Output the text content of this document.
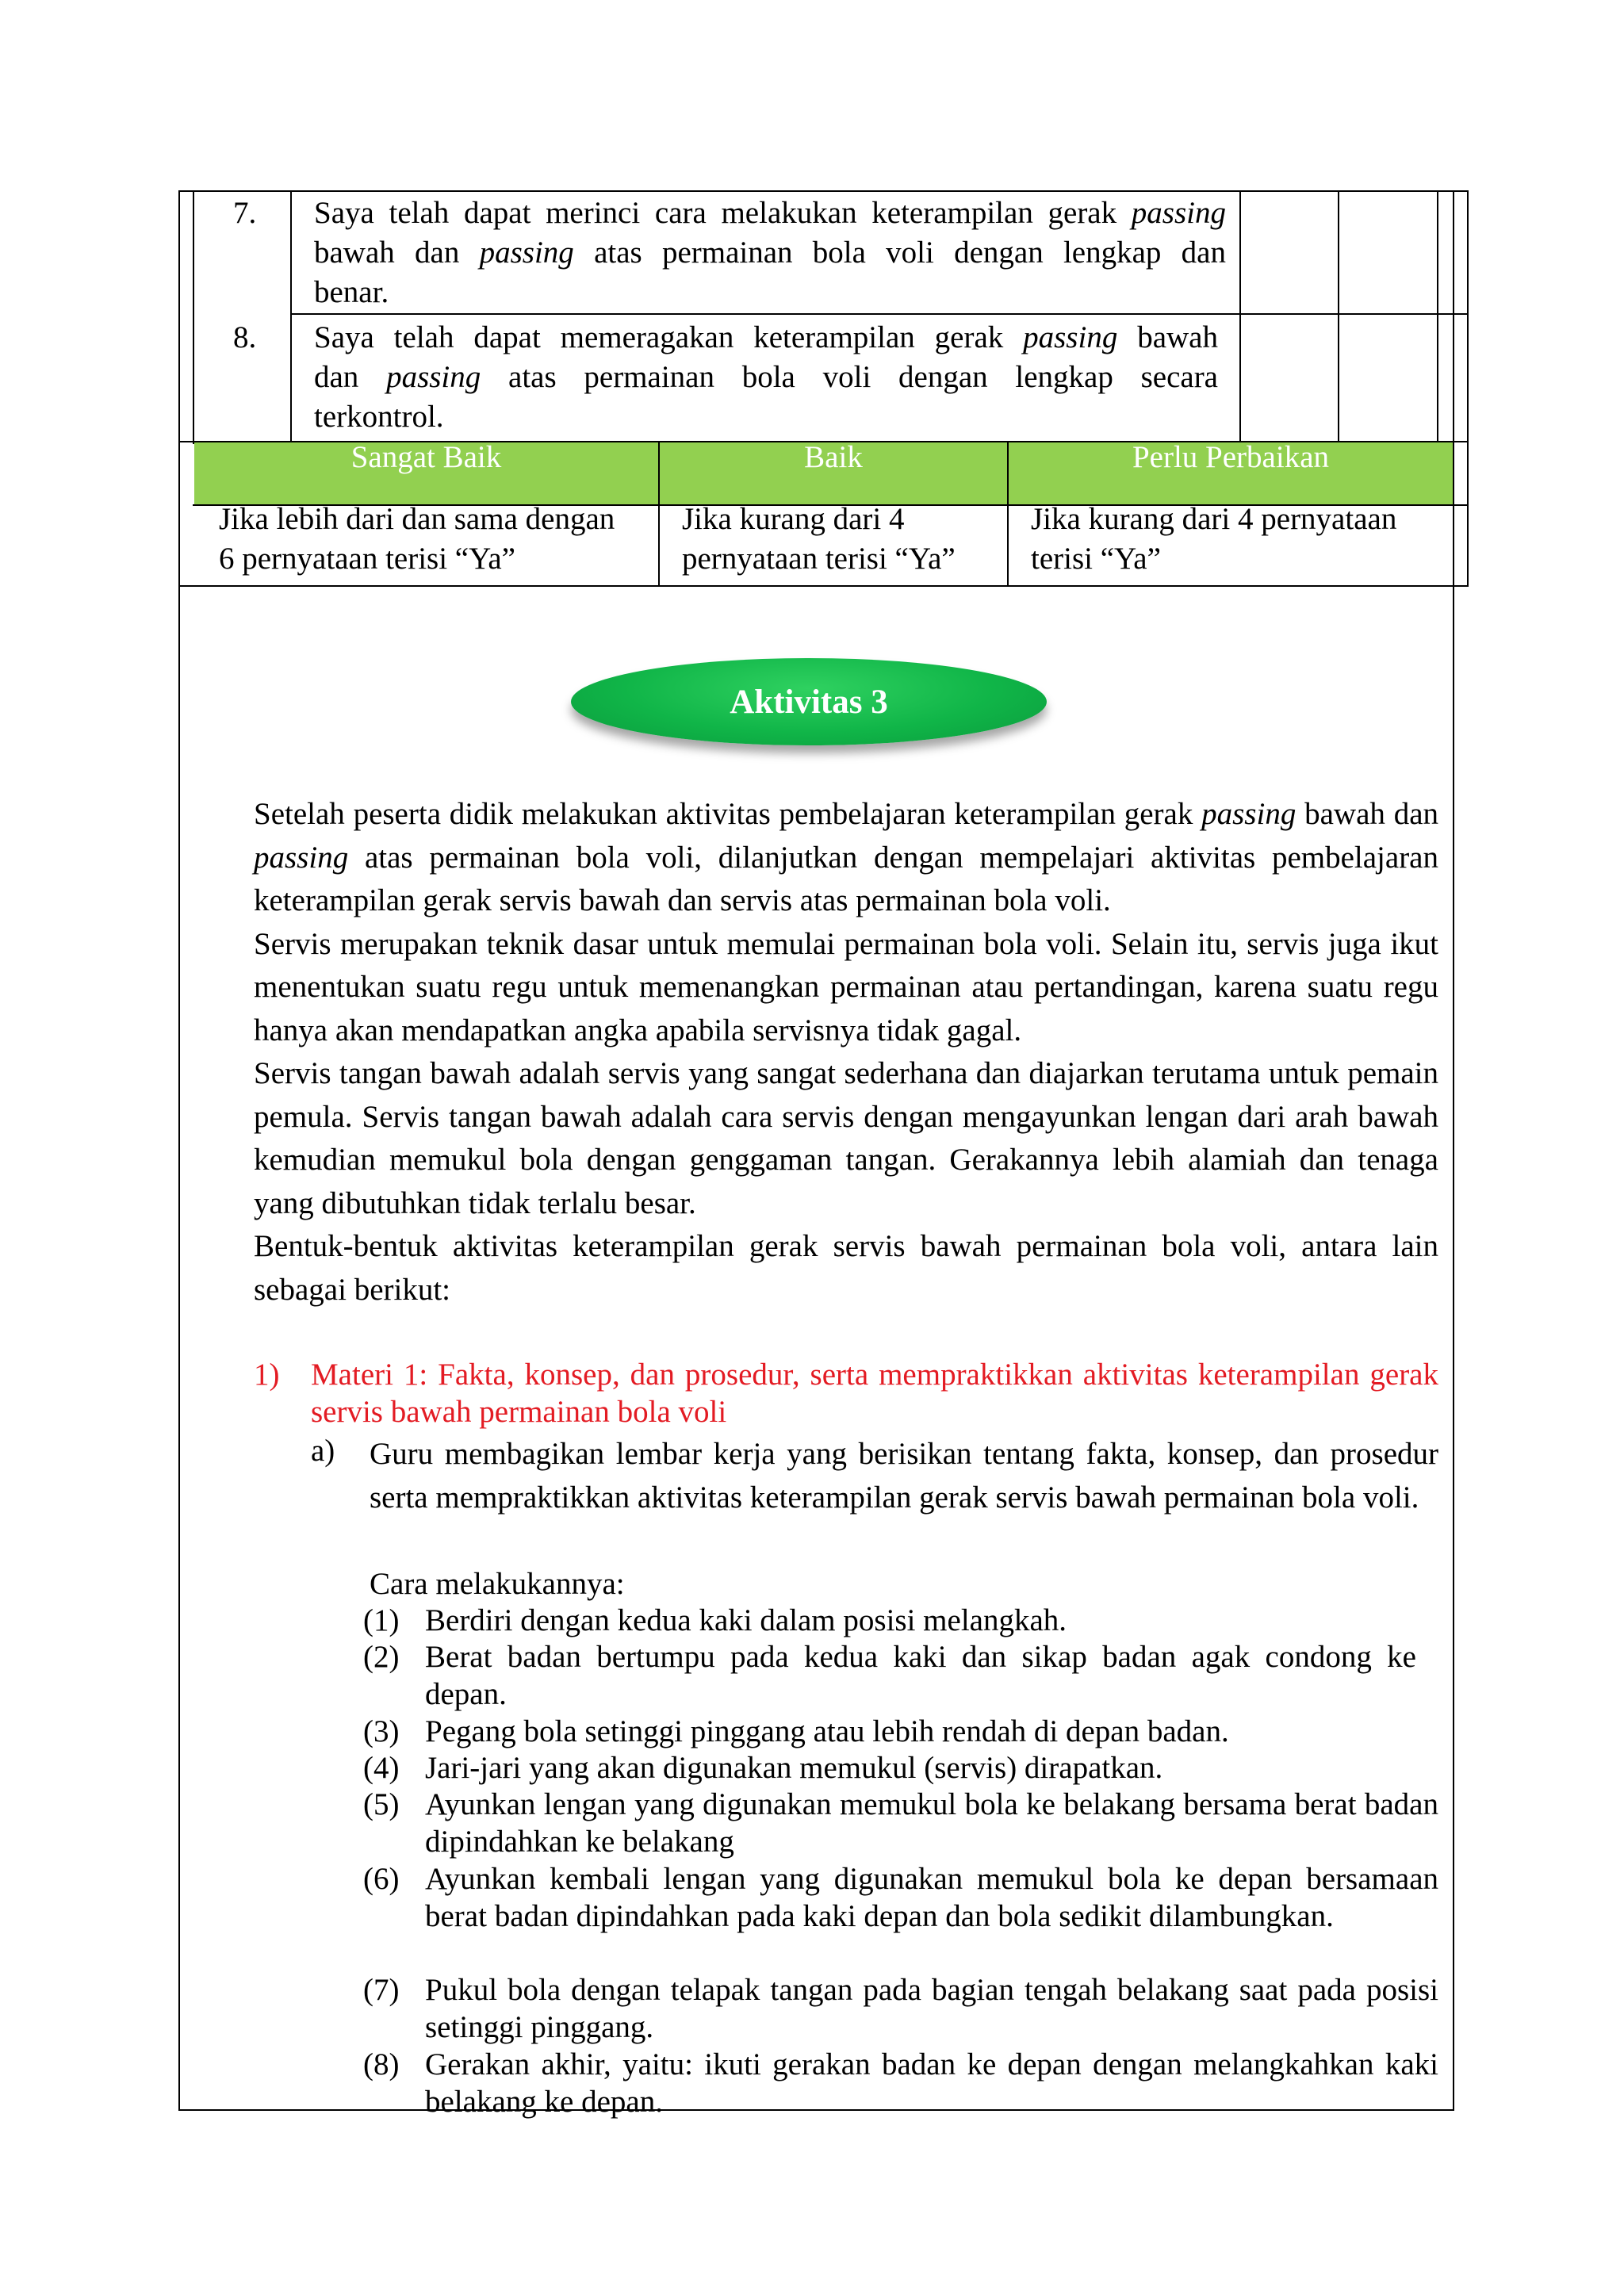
7. Saya telah dapat merinci cara melakukan keterampilan gerak passing
bawah dan passing atas permainan bola voli dengan lengkap dan
benar.
8. Saya telah dapat memeragakan keterampilan gerak passing bawah
dan passing atas permainan bola voli dengan lengkap secara
terkontrol.
Sangat Baik	Baik	Perlu Perbaikan
Jika lebih dari dan sama dengan
6 pernyataan terisi “Ya”
Jika kurang dari 4
pernyataan terisi “Ya”
Jika kurang dari 4 pernyataan
terisi “Ya”
Aktivitas 3
Setelah peserta didik melakukan aktivitas pembelajaran keterampilan gerak passing bawah dan passing atas permainan bola voli, dilanjutkan dengan mempelajari aktivitas pembelajaran keterampilan gerak servis bawah dan servis atas permainan bola voli.
Servis merupakan teknik dasar untuk memulai permainan bola voli. Selain itu, servis juga ikut menentukan suatu regu untuk memenangkan permainan atau pertandingan, karena suatu regu hanya akan mendapatkan angka apabila servisnya tidak gagal.
Servis tangan bawah adalah servis yang sangat sederhana dan diajarkan terutama untuk pemain pemula. Servis tangan bawah adalah cara servis dengan mengayunkan lengan dari arah bawah kemudian memukul bola dengan genggaman tangan. Gerakannya lebih alamiah dan tenaga yang dibutuhkan tidak terlalu besar.
Bentuk-bentuk aktivitas keterampilan gerak servis bawah permainan bola voli, antara lain sebagai berikut:
1) Materi 1: Fakta, konsep, dan prosedur, serta mempraktikkan aktivitas keterampilan gerak servis bawah permainan bola voli
a) Guru membagikan lembar kerja yang berisikan tentang fakta, konsep, dan prosedur serta mempraktikkan aktivitas keterampilan gerak servis bawah permainan bola voli.
Cara melakukannya:
(1) Berdiri dengan kedua kaki dalam posisi melangkah.
(2) Berat badan bertumpu pada kedua kaki dan sikap badan agak condong ke depan.
(3) Pegang bola setinggi pinggang atau lebih rendah di depan badan.
(4) Jari-jari yang akan digunakan memukul (servis) dirapatkan.
(5) Ayunkan lengan yang digunakan memukul bola ke belakang bersama berat badan dipindahkan ke belakang
(6) Ayunkan kembali lengan yang digunakan memukul bola ke depan bersamaan berat badan dipindahkan pada kaki depan dan bola sedikit dilambungkan.
(7) Pukul bola dengan telapak tangan pada bagian tengah belakang saat pada posisi setinggi pinggang.
(8) Gerakan akhir, yaitu: ikuti gerakan badan ke depan dengan melangkahkan kaki belakang ke depan.
